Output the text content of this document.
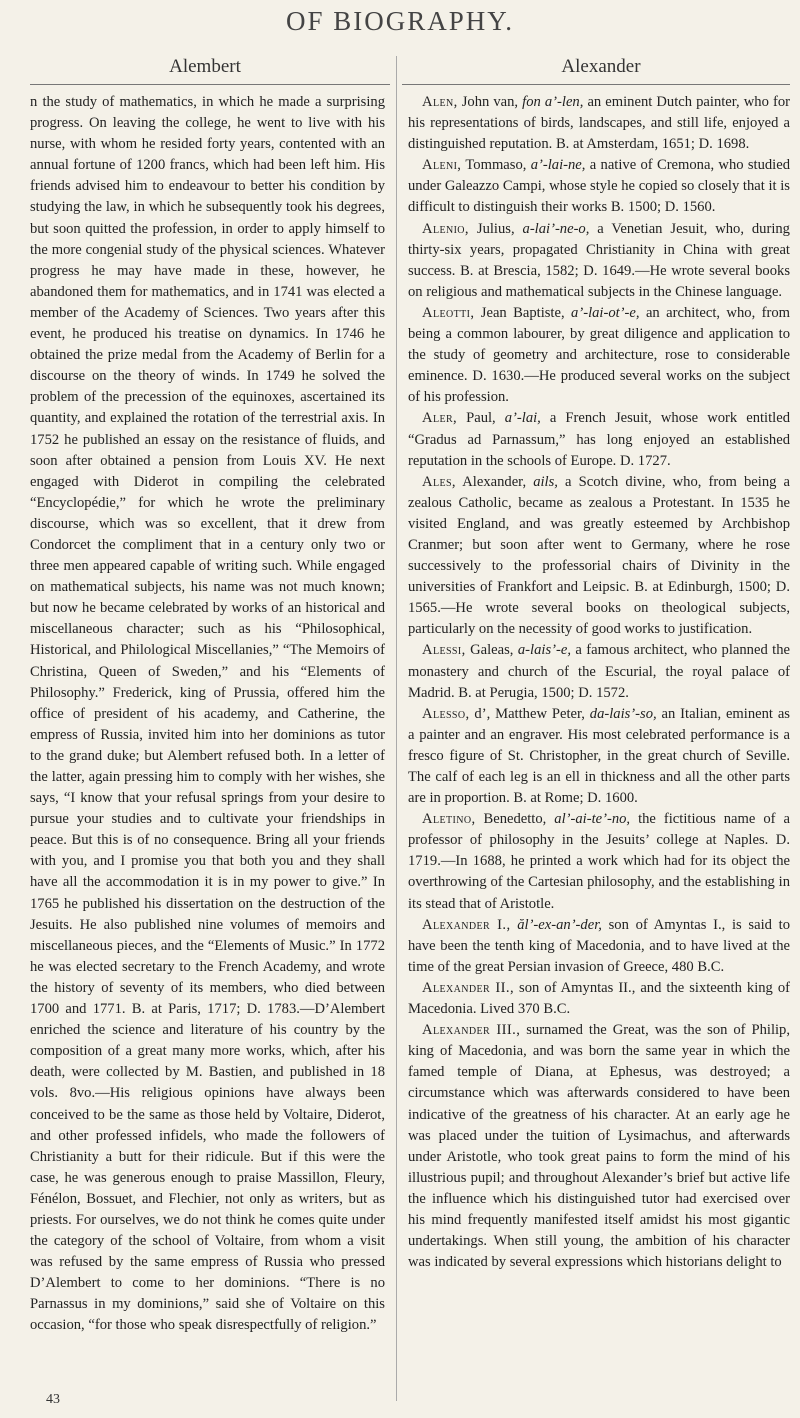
OF BIOGRAPHY.
Alembert	Alexander

n the study of mathematics, in which he made a surprising progress. On leaving the college, he went to live with his nurse, with whom he resided forty years, contented with an annual fortune of 1200 francs, which had been left him. His friends advised him to endeavour to better his condition by studying the law, in which he subsequently took his degrees, but soon quitted the profession, in order to apply himself to the more congenial study of the physical sciences. Whatever progress he may have made in these, however, he abandoned them for mathematics, and in 1741 was elected a member of the Academy of Sciences. Two years after this event, he produced his treatise on dynamics. In 1746 he obtained the prize medal from the Academy of Berlin for a discourse on the theory of winds. In 1749 he solved the problem of the precession of the equinoxes, ascertained its quantity, and explained the rotation of the terrestrial axis. In 1752 he published an essay on the resistance of fluids, and soon after obtained a pension from Louis XV. He next engaged with Diderot in compiling the celebrated “Encyclopédie,” for which he wrote the preliminary discourse, which was so excellent, that it drew from Condorcet the compliment that in a century only two or three men appeared capable of writing such. While engaged on mathematical subjects, his name was not much known; but now he became celebrated by works of an historical and miscellaneous character; such as his “Philosophical, Historical, and Philological Miscellanies,” “The Memoirs of Christina, Queen of Sweden,” and his “Elements of Philosophy.” Frederick, king of Prussia, offered him the office of president of his academy, and Catherine, the empress of Russia, invited him into her dominions as tutor to the grand duke; but Alembert refused both. In a letter of the latter, again pressing him to comply with her wishes, she says, “I know that your refusal springs from your desire to pursue your studies and to cultivate your friendships in peace. But this is of no consequence. Bring all your friends with you, and I promise you that both you and they shall have all the accommodation it is in my power to give.” In 1765 he published his dissertation on the destruction of the Jesuits. He also published nine volumes of memoirs and miscellaneous pieces, and the “Elements of Music.” In 1772 he was elected secretary to the French Academy, and wrote the history of seventy of its members, who died between 1700 and 1771. B. at Paris, 1717; D. 1783.—D’Alembert enriched the science and literature of his country by the composition of a great many more works, which, after his death, were collected by M. Bastien, and published in 18 vols. 8vo.—His religious opinions have always been conceived to be the same as those held by Voltaire, Diderot, and other professed infidels, who made the followers of Christianity a butt for their ridicule. But if this were the case, he was generous enough to praise Massillon, Fleury, Fénélon, Bossuet, and Flechier, not only as writers, but as priests. For ourselves, we do not think he comes quite under the category of the school of Voltaire, from whom a visit was refused by the same empress of Russia who pressed D’Alembert to come to her dominions. “There is no Parnassus in my dominions,” said she of Voltaire on this occasion, “for those who speak disrespectfully of religion.”

Alen, John van, fon a’-len, an eminent Dutch painter, who for his representations of birds, landscapes, and still life, enjoyed a distinguished reputation. B. at Amsterdam, 1651; D. 1698.

Aleni, Tommaso, a’-lai-ne, a native of Cremona, who studied under Galeazzo Campi, whose style he copied so closely that it is difficult to distinguish their works B. 1500; D. 1560.

Alenio, Julius, a-lai’-ne-o, a Venetian Jesuit, who, during thirty-six years, propagated Christianity in China with great success. B. at Brescia, 1582; D. 1649.—He wrote several books on religious and mathematical subjects in the Chinese language.

Aleotti, Jean Baptiste, a’-lai-ot’-e, an architect, who, from being a common labourer, by great diligence and application to the study of geometry and architecture, rose to considerable eminence. D. 1630.—He produced several works on the subject of his profession.

Aler, Paul, a’-lai, a French Jesuit, whose work entitled “Gradus ad Parnassum,” has long enjoyed an established reputation in the schools of Europe. D. 1727.

Ales, Alexander, ails, a Scotch divine, who, from being a zealous Catholic, became as zealous a Protestant. In 1535 he visited England, and was greatly esteemed by Archbishop Cranmer; but soon after went to Germany, where he rose successively to the professorial chairs of Divinity in the universities of Frankfort and Leipsic. B. at Edinburgh, 1500; D. 1565.—He wrote several books on theological subjects, particularly on the necessity of good works to justification.

Alessi, Galeas, a-lais’-e, a famous architect, who planned the monastery and church of the Escurial, the royal palace of Madrid. B. at Perugia, 1500; D. 1572.

Alesso, d’, Matthew Peter, da-lais’-so, an Italian, eminent as a painter and an engraver. His most celebrated performance is a fresco figure of St. Christopher, in the great church of Seville. The calf of each leg is an ell in thickness and all the other parts are in proportion. B. at Rome; D. 1600.

Aletino, Benedetto, al’-ai-te’-no, the fictitious name of a professor of philosophy in the Jesuits’ college at Naples. D. 1719.—In 1688, he printed a work which had for its object the overthrowing of the Cartesian philosophy, and the establishing in its stead that of Aristotle.

Alexander I., ăl’-ex-an’-der, son of Amyntas I., is said to have been the tenth king of Macedonia, and to have lived at the time of the great Persian invasion of Greece, 480 B.C.

Alexander II., son of Amyntas II., and the sixteenth king of Macedonia. Lived 370 B.C.

Alexander III., surnamed the Great, was the son of Philip, king of Macedonia, and was born the same year in which the famed temple of Diana, at Ephesus, was destroyed; a circumstance which was afterwards considered to have been indicative of the greatness of his character. At an early age he was placed under the tuition of Lysimachus, and afterwards under Aristotle, who took great pains to form the mind of his illustrious pupil; and throughout Alexander’s brief but active life the influence which his distinguished tutor had exercised over his mind frequently manifested itself amidst his most gigantic undertakings. When still young, the ambition of his character was indicated by several expressions which historians delight to

43
